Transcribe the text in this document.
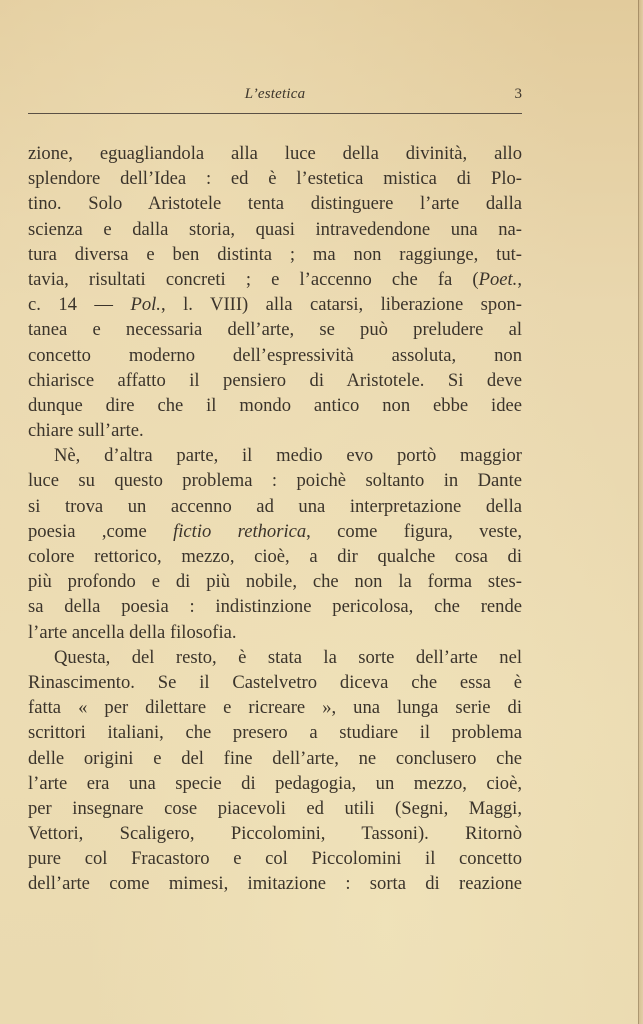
L’estetica	3
zione, eguagliandola alla luce della divinità, allo
splendore dell’Idea : ed è l’estetica mistica di Plo-
tino. Solo Aristotele tenta distinguere l’arte dalla
scienza e dalla storia, quasi intravedendone una na-
tura diversa e ben distinta ; ma non raggiunge, tut-
tavia, risultati concreti ; e l’accenno che fa (Poet.,
c. 14 — Pol., l. VIII) alla catarsi, liberazione spon-
tanea e necessaria dell’arte, se può preludere al
concetto moderno dell’espressività assoluta, non
chiarisce affatto il pensiero di Aristotele. Si deve
dunque dire che il mondo antico non ebbe idee
chiare sull’arte.
Nè, d’altra parte, il medio evo portò maggior
luce su questo problema : poichè soltanto in Dante
si trova un accenno ad una interpretazione della
poesia ,come fictio rethorica, come figura, veste,
colore rettorico, mezzo, cioè, a dir qualche cosa di
più profondo e di più nobile, che non la forma stes-
sa della poesia : indistinzione pericolosa, che rende
l’arte ancella della filosofia.
Questa, del resto, è stata la sorte dell’arte nel
Rinascimento. Se il Castelvetro diceva che essa è
fatta « per dilettare e ricreare », una lunga serie di
scrittori italiani, che presero a studiare il problema
delle origini e del fine dell’arte, ne conclusero che
l’arte era una specie di pedagogia, un mezzo, cioè,
per insegnare cose piacevoli ed utili (Segni, Maggi,
Vettori, Scaligero, Piccolomini, Tassoni). Ritornò
pure col Fracastoro e col Piccolomini il concetto
dell’arte come mimesi, imitazione : sorta di reazione
